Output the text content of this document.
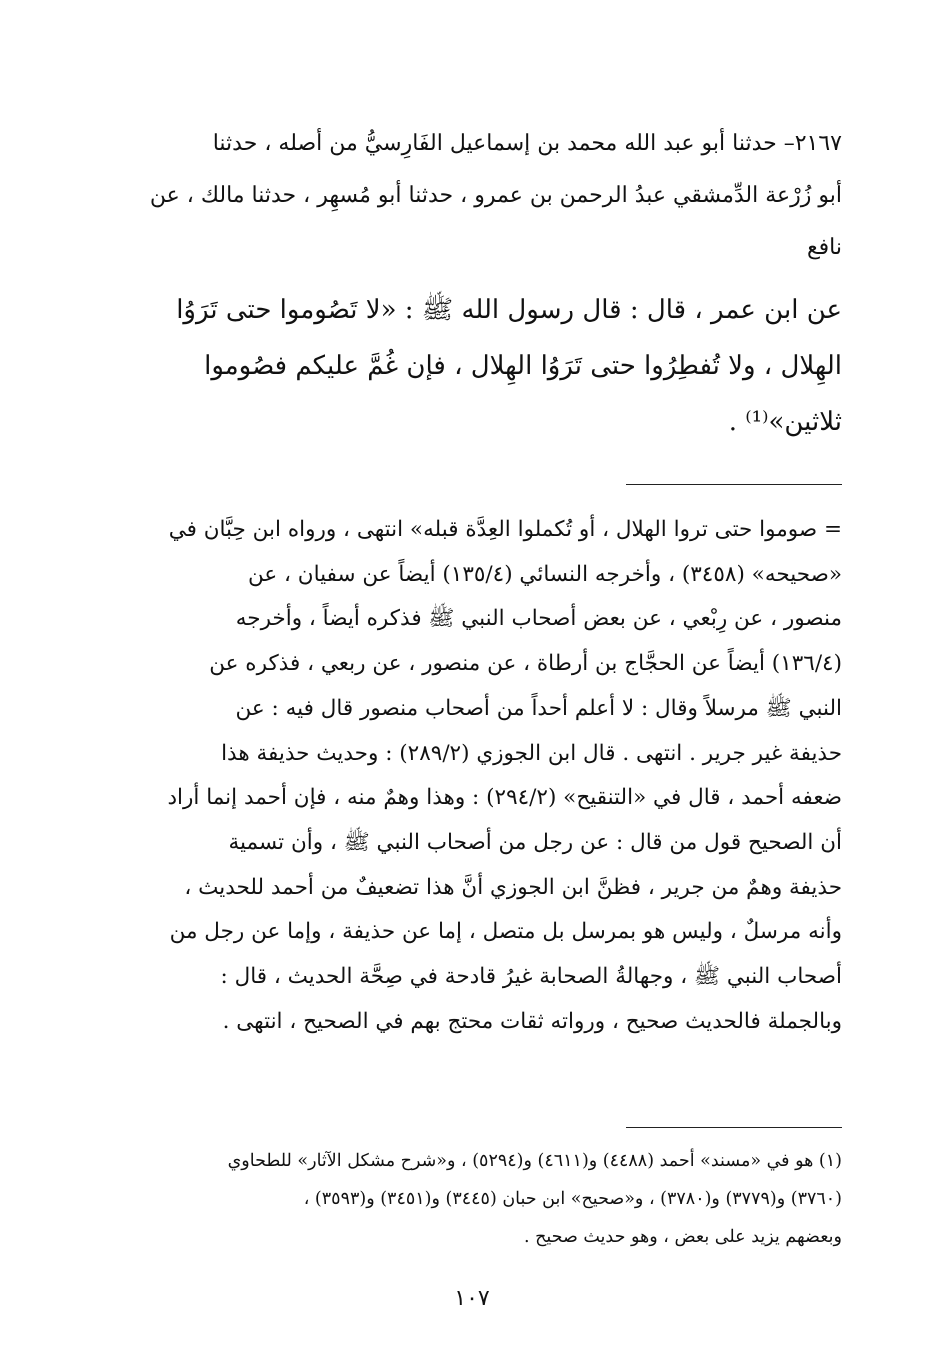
٢١٦٧– حدثنا أبو عبد الله محمد بن إسماعيل الفَارِسيُّ من أصله ، حدثنا
أبو زُرْعة الدِّمشقي عبدُ الرحمن بن عمرو ، حدثنا أبو مُسهِر ، حدثنا مالك ، عن
نافع
عن ابن عمر ، قال : قال رسول الله ﷺ : «لا تَصُوموا حتى تَرَوُا
الهِلال ، ولا تُفطِرُوا حتى تَرَوُا الهِلال ، فإن غُمَّ عليكم فصُوموا
ثلاثين»⁽¹⁾ .
= صوموا حتى تروا الهلال ، أو تُكملوا العِدَّة قبله» انتهى ، ورواه ابن حِبَّان في
«صحيحه» (٣٤٥٨) ، وأخرجه النسائي (١٣٥/٤) أيضاً عن سفيان ، عن
منصور ، عن رِبْعي ، عن بعض أصحاب النبي ﷺ فذكره أيضاً ، وأخرجه
(١٣٦/٤) أيضاً عن الحجَّاج بن أرطاة ، عن منصور ، عن ربعي ، فذكره عن
النبي ﷺ مرسلاً وقال : لا أعلم أحداً من أصحاب منصور قال فيه : عن
حذيفة غير جرير . انتهى . قال ابن الجوزي (٢٨٩/٢) : وحديث حذيفة هذا
ضعفه أحمد ، قال في «التنقيح» (٢٩٤/٢) : وهذا وهمٌ منه ، فإن أحمد إنما أراد
أن الصحيح قول من قال : عن رجل من أصحاب النبي ﷺ ، وأن تسمية
حذيفة وهمٌ من جرير ، فظنَّ ابن الجوزي أنَّ هذا تضعيفٌ من أحمد للحديث ،
وأنه مرسلٌ ، وليس هو بمرسل بل متصل ، إما عن حذيفة ، وإما عن رجل من
أصحاب النبي ﷺ ، وجهالةُ الصحابة غيرُ قادحة في صِحَّة الحديث ، قال :
وبالجملة فالحديث صحيح ، ورواته ثقات محتج بهم في الصحيح ، انتهى .
(١) هو في «مسند» أحمد (٤٤٨٨) و(٤٦١١) و(٥٢٩٤) ، و«شرح مشكل الآثار» للطحاوي
(٣٧٦٠) و(٣٧٧٩) و(٣٧٨٠) ، و«صحيح» ابن حبان (٣٤٤٥) و(٣٤٥١) و(٣٥٩٣) ،
وبعضهم يزيد على بعض ، وهو حديث صحيح .
١٠٧
